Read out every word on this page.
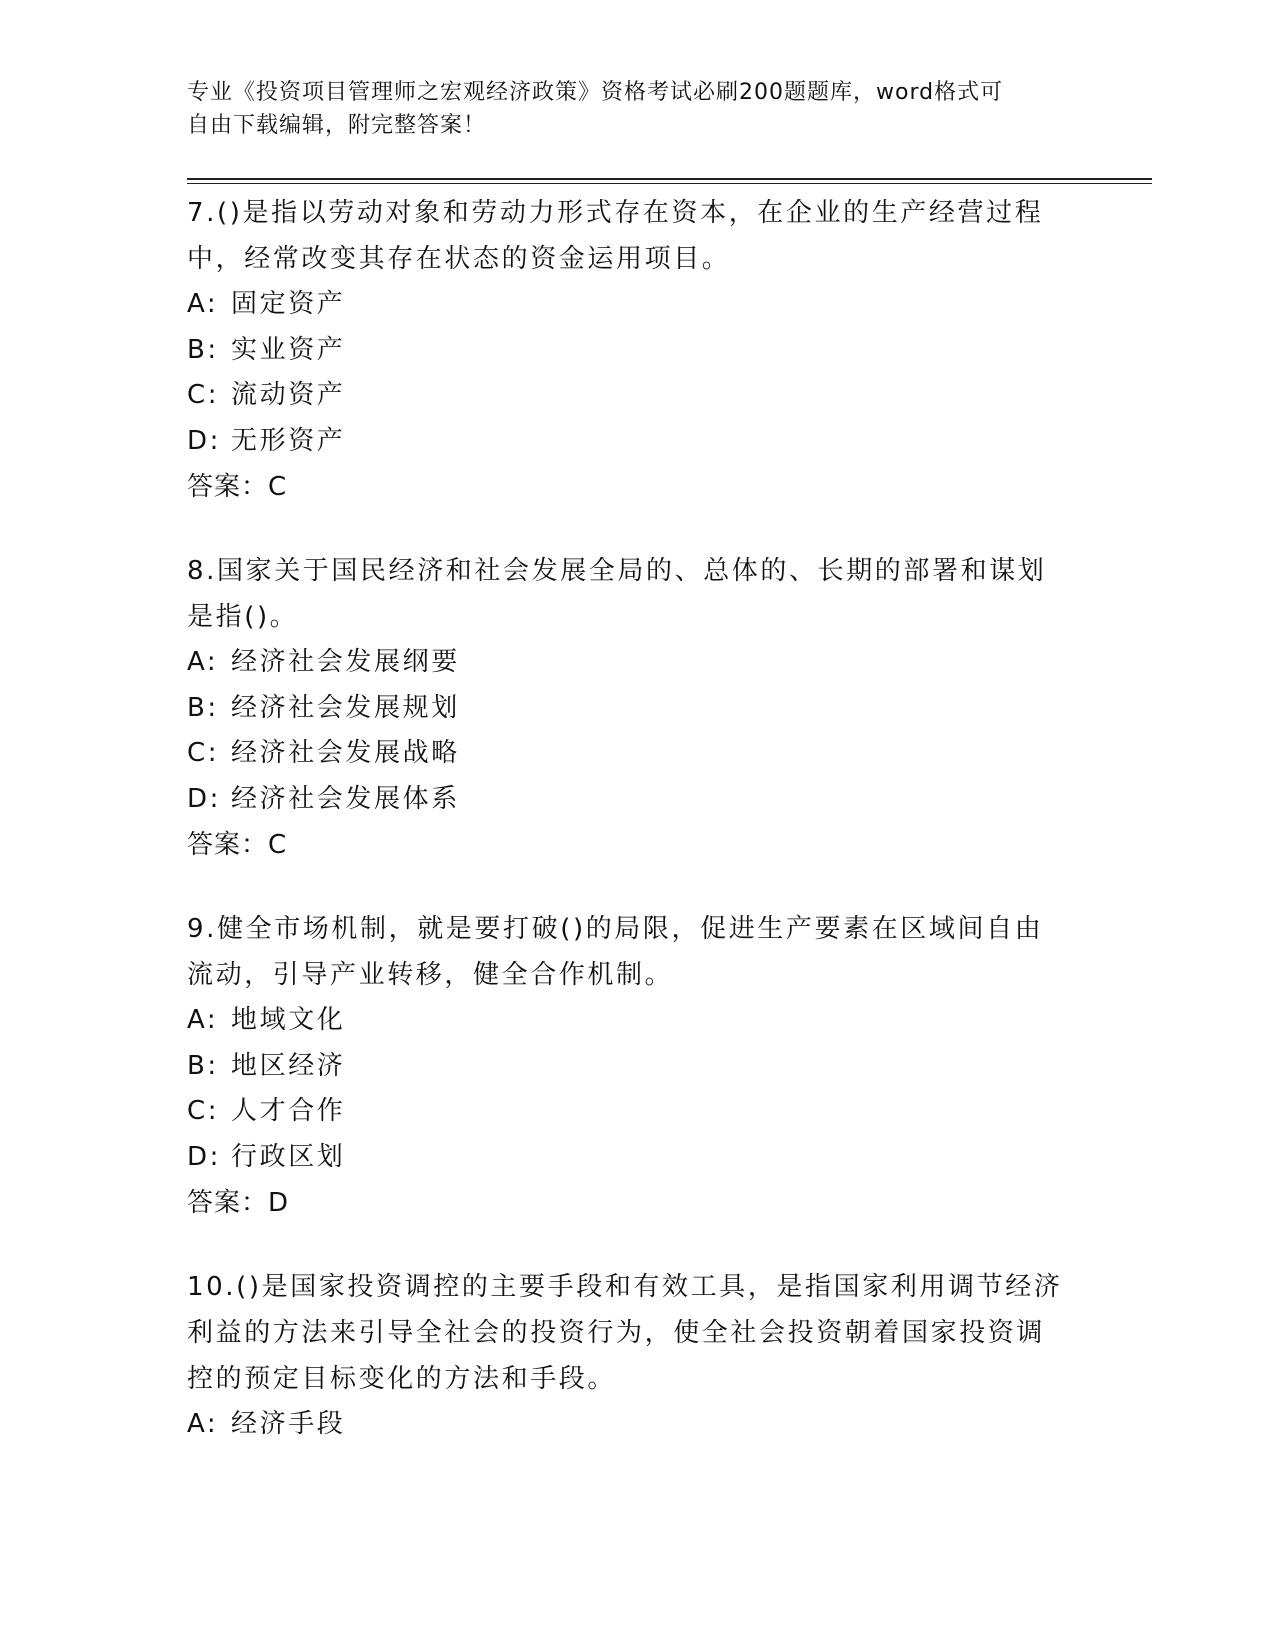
专业《投资项目管理师之宏观经济政策》资格考试必刷200题题库，word格式可
自由下载编辑，附完整答案！
7.()是指以劳动对象和劳动力形式存在资本，在企业的生产经营过程
中，经常改变其存在状态的资金运用项目。
A: 固定资产
B: 实业资产
C: 流动资产
D: 无形资产
答案：C
8.国家关于国民经济和社会发展全局的、总体的、长期的部署和谋划
是指()。
A: 经济社会发展纲要
B: 经济社会发展规划
C: 经济社会发展战略
D: 经济社会发展体系
答案：C
9.健全市场机制，就是要打破()的局限，促进生产要素在区域间自由
流动，引导产业转移，健全合作机制。
A: 地域文化
B: 地区经济
C: 人才合作
D: 行政区划
答案：D
10.()是国家投资调控的主要手段和有效工具，是指国家利用调节经济
利益的方法来引导全社会的投资行为，使全社会投资朝着国家投资调
控的预定目标变化的方法和手段。
A: 经济手段
